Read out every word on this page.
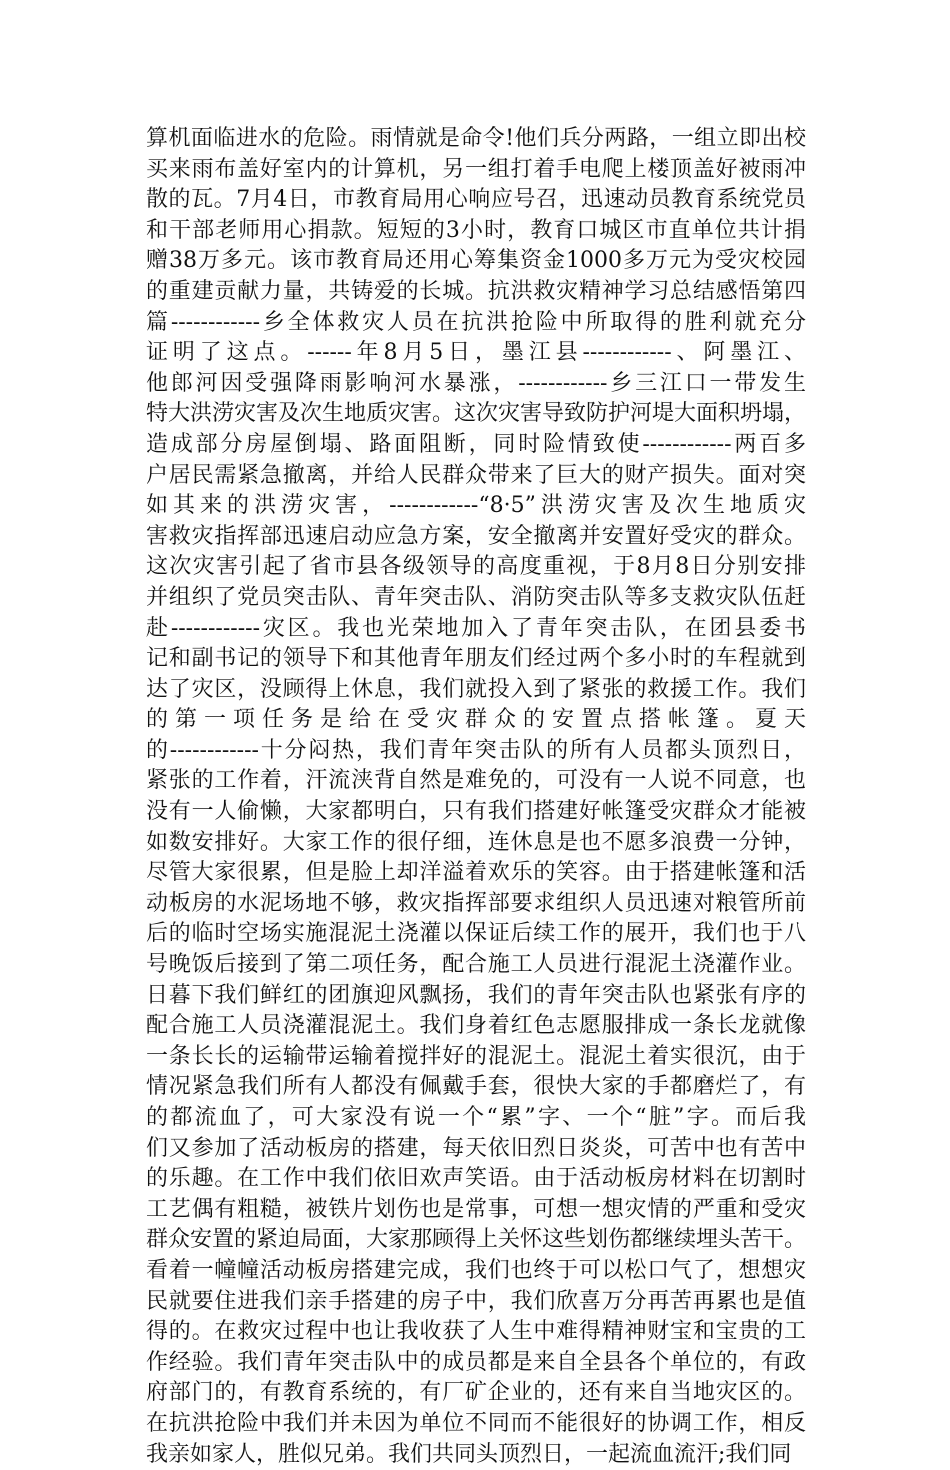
算机面临进水的危险。雨情就是命令!他们兵分两路，一组立即出校
买来雨布盖好室内的计算机，另一组打着手电爬上楼顶盖好被雨冲
散的瓦。7月4日，市教育局用心响应号召，迅速动员教育系统党员
和干部老师用心捐款。短短的3小时，教育口城区市直单位共计捐
赠38万多元。该市教育局还用心筹集资金1000多万元为受灾校园
的重建贡献力量，共铸爱的长城。抗洪救灾精神学习总结感悟第四
篇------------乡全体救灾人员在抗洪抢险中所取得的胜利就充分
证明了这点。------年8月5日，墨江县------------、阿墨江、
他郎河因受强降雨影响河水暴涨，------------乡三江口一带发生
特大洪涝灾害及次生地质灾害。这次灾害导致防护河堤大面积坍塌，
造成部分房屋倒塌、路面阻断，同时险情致使------------两百多
户居民需紧急撤离，并给人民群众带来了巨大的财产损失。面对突
如其来的洪涝灾害，------------“8·5”洪涝灾害及次生地质灾
害救灾指挥部迅速启动应急方案，安全撤离并安置好受灾的群众。
这次灾害引起了省市县各级领导的高度重视，于8月8日分别安排
并组织了党员突击队、青年突击队、消防突击队等多支救灾队伍赶
赴------------灾区。我也光荣地加入了青年突击队，在团县委书
记和副书记的领导下和其他青年朋友们经过两个多小时的车程就到
达了灾区，没顾得上休息，我们就投入到了紧张的救援工作。我们
的第一项任务是给在受灾群众的安置点搭帐篷。夏天
的------------十分闷热，我们青年突击队的所有人员都头顶烈日，
紧张的工作着，汗流浃背自然是难免的，可没有一人说不同意，也
没有一人偷懒，大家都明白，只有我们搭建好帐篷受灾群众才能被
如数安排好。大家工作的很仔细，连休息是也不愿多浪费一分钟，
尽管大家很累，但是脸上却洋溢着欢乐的笑容。由于搭建帐篷和活
动板房的水泥场地不够，救灾指挥部要求组织人员迅速对粮管所前
后的临时空场实施混泥土浇灌以保证后续工作的展开，我们也于八
号晚饭后接到了第二项任务，配合施工人员进行混泥土浇灌作业。
日暮下我们鲜红的团旗迎风飘扬，我们的青年突击队也紧张有序的
配合施工人员浇灌混泥土。我们身着红色志愿服排成一条长龙就像
一条长长的运输带运输着搅拌好的混泥土。混泥土着实很沉，由于
情况紧急我们所有人都没有佩戴手套，很快大家的手都磨烂了，有
的都流血了，可大家没有说一个“累”字、一个“脏”字。而后我
们又参加了活动板房的搭建，每天依旧烈日炎炎，可苦中也有苦中
的乐趣。在工作中我们依旧欢声笑语。由于活动板房材料在切割时
工艺偶有粗糙，被铁片划伤也是常事，可想一想灾情的严重和受灾
群众安置的紧迫局面，大家那顾得上关怀这些划伤都继续埋头苦干。
看着一幢幢活动板房搭建完成，我们也终于可以松口气了，想想灾
民就要住进我们亲手搭建的房子中，我们欣喜万分再苦再累也是值
得的。在救灾过程中也让我收获了人生中难得精神财宝和宝贵的工
作经验。我们青年突击队中的成员都是来自全县各个单位的，有政
府部门的，有教育系统的，有厂矿企业的，还有来自当地灾区的。
在抗洪抢险中我们并未因为单位不同而不能很好的协调工作，相反
我亲如家人，胜似兄弟。我们共同头顶烈日，一起流血流汗;我们同
